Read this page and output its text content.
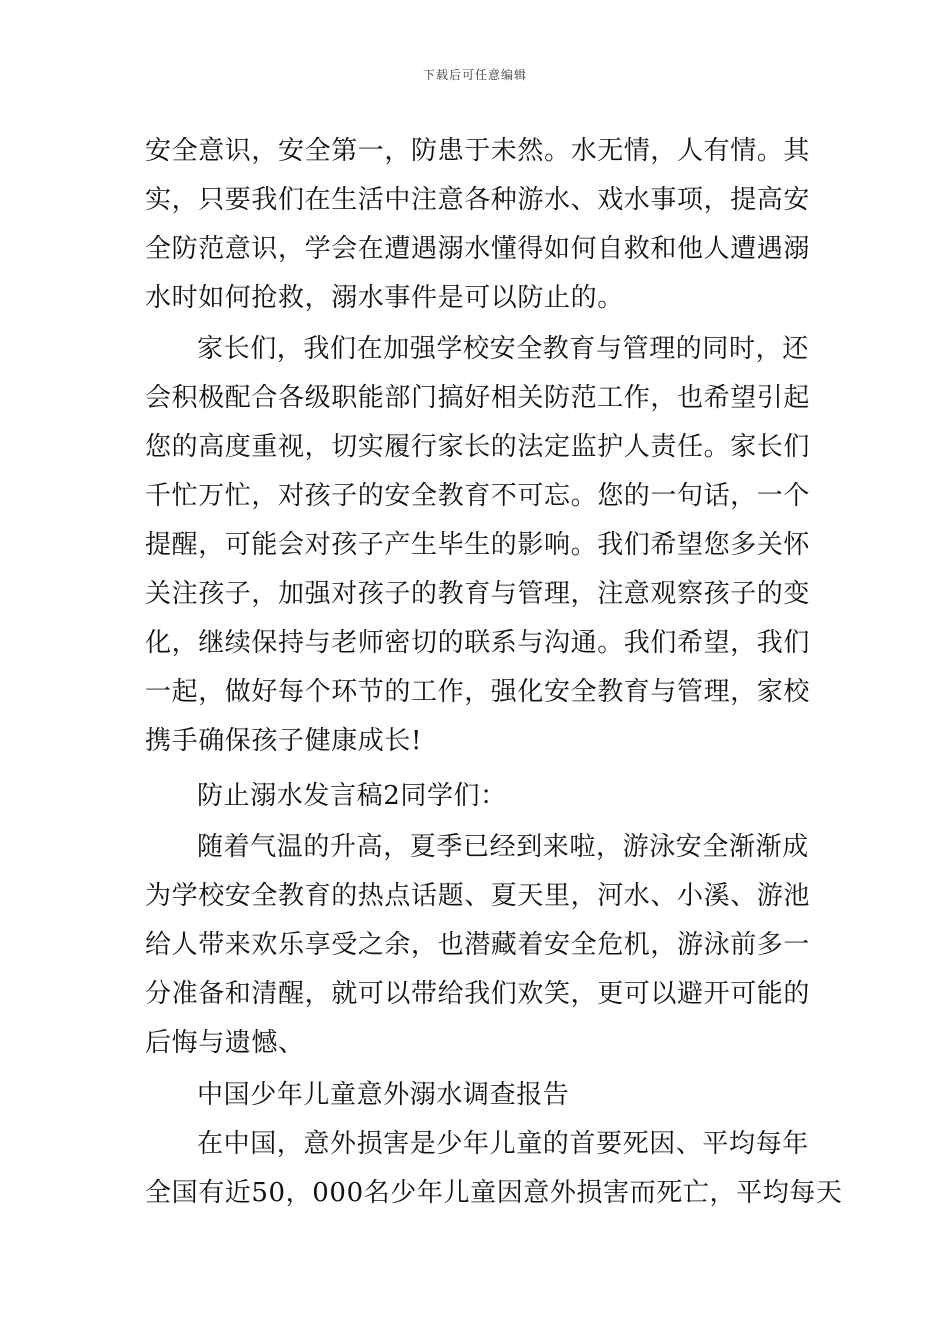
下载后可任意编辑
安全意识，安全第一，防患于未然。水无情，人有情。其
实，只要我们在生活中注意各种游水、戏水事项，提高安
全防范意识，学会在遭遇溺水懂得如何自救和他人遭遇溺
水时如何抢救，溺水事件是可以防止的。
家长们，我们在加强学校安全教育与管理的同时，还
会积极配合各级职能部门搞好相关防范工作，也希望引起
您的高度重视，切实履行家长的法定监护人责任。家长们
千忙万忙，对孩子的安全教育不可忘。您的一句话，一个
提醒，可能会对孩子产生毕生的影响。我们希望您多关怀
关注孩子，加强对孩子的教育与管理，注意观察孩子的变
化，继续保持与老师密切的联系与沟通。我们希望，我们
一起，做好每个环节的工作，强化安全教育与管理，家校
携手确保孩子健康成长!
防止溺水发言稿2同学们：
随着气温的升高，夏季已经到来啦，游泳安全渐渐成
为学校安全教育的热点话题、夏天里，河水、小溪、游池
给人带来欢乐享受之余，也潜藏着安全危机，游泳前多一
分准备和清醒，就可以带给我们欢笑，更可以避开可能的
后悔与遗憾、
中国少年儿童意外溺水调查报告
在中国，意外损害是少年儿童的首要死因、平均每年
全国有近50，000名少年儿童因意外损害而死亡，平均每天
